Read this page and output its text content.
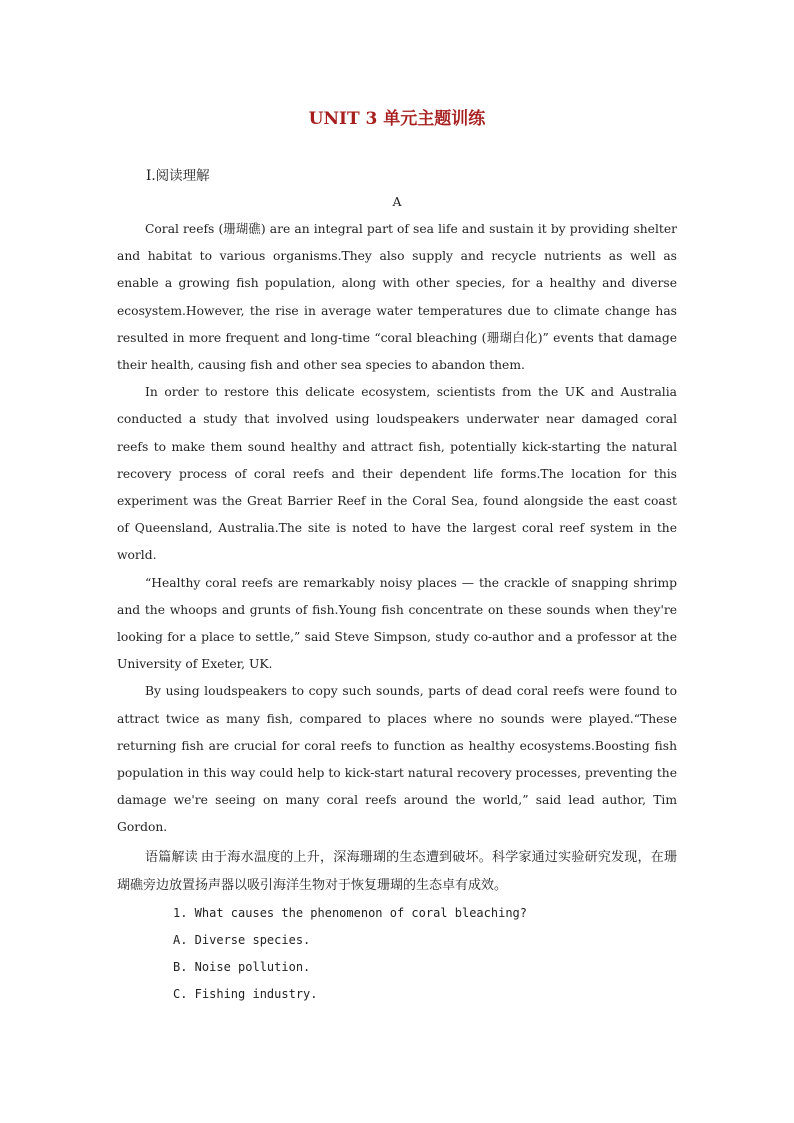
UNIT 3 单元主题训练
Ⅰ.阅读理解
A

Coral reefs (珊瑚礁) are an integral part of sea life and sustain it by providing shelter and habitat to various organisms.They also supply and recycle nutrients as well as enable a growing fish population, along with other species, for a healthy and diverse ecosystem.However, the rise in average water temperatures due to climate change has resulted in more frequent and long-time “coral bleaching (珊瑚白化)” events that damage their health, causing fish and other sea species to abandon them.

In order to restore this delicate ecosystem, scientists from the UK and Australia conducted a study that involved using loudspeakers underwater near damaged coral reefs to make them sound healthy and attract fish, potentially kick-starting the natural recovery process of coral reefs and their dependent life forms.The location for this experiment was the Great Barrier Reef in the Coral Sea, found alongside the east coast of Queensland, Australia.The site is noted to have the largest coral reef system in the world.

“Healthy coral reefs are remarkably noisy places — the crackle of snapping shrimp and the whoops and grunts of fish.Young fish concentrate on these sounds when they're looking for a place to settle,” said Steve Simpson, study co-author and a professor at the University of Exeter, UK.

By using loudspeakers to copy such sounds, parts of dead coral reefs were found to attract twice as many fish, compared to places where no sounds were played.“These returning fish are crucial for coral reefs to function as healthy ecosystems.Boosting fish population in this way could help to kick-start natural recovery processes, preventing the damage we're seeing on many coral reefs around the world,” said lead author, Tim Gordon.

语篇解读 由于海水温度的上升，深海珊瑚的生态遭到破坏。科学家通过实验研究发现，在珊瑚礁旁边放置扬声器以吸引海洋生物对于恢复珊瑚的生态卓有成效。

1. What causes the phenomenon of coral bleaching?

A. Diverse species.

B. Noise pollution.

C. Fishing industry.
